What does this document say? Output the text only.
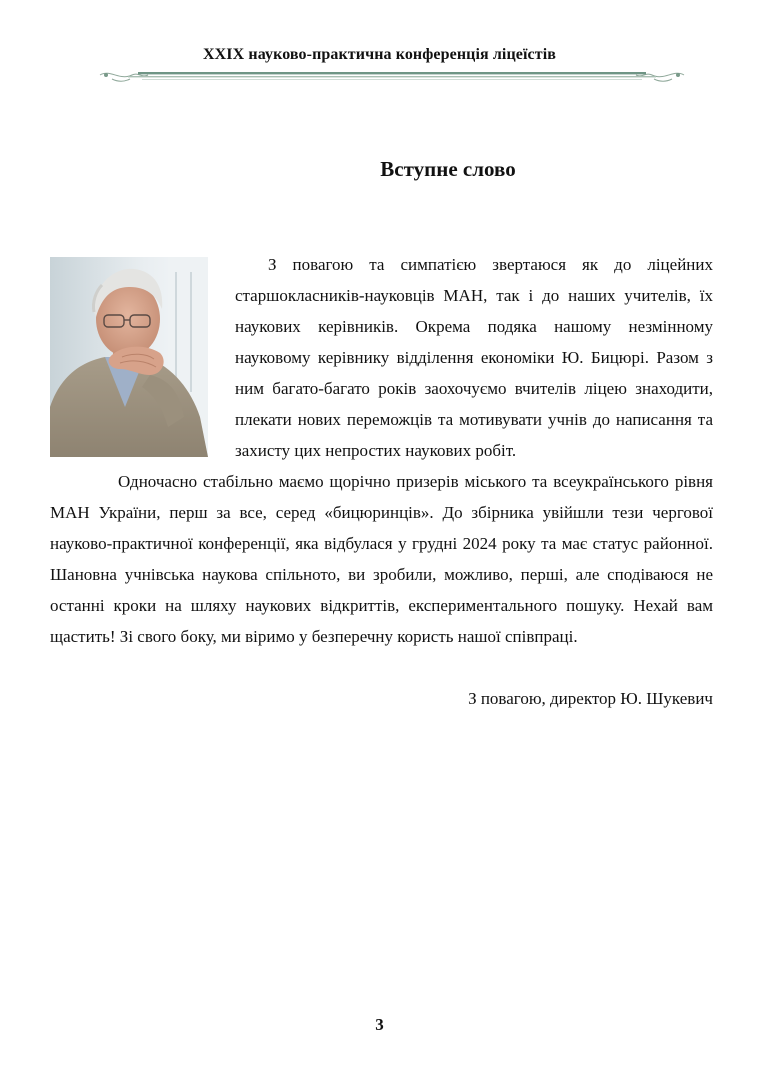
XXIX науково-практична конференція ліцеїстів
Вступне слово

З повагою та симпатією звертаюся як до ліцейних старшокласників-науковців МАН, так і до наших учителів, їх наукових керівників. Окрема подяка нашому незмінному науковому керівнику відділення економіки Ю. Бицюрі. Разом з ним багато-багато років заохочуємо вчителів ліцею знаходити, плекати нових переможців та мотивувати учнів до написання та захисту цих непростих наукових робіт.

Одночасно стабільно маємо щорічно призерів міського та всеукраїнського рівня МАН України, перш за все, серед «бицюринців». До збірника увійшли тези чергової науково-практичної конференції, яка відбулася у грудні 2024 року та має статус районної. Шановна учнівська наукова спільното, ви зробили, можливо, перші, але сподіваюся не останні кроки на шляху наукових відкриттів, експериментального пошуку. Нехай вам щастить! Зі свого боку, ми віримо у безперечну користь нашої співпраці.

З повагою, директор Ю. Шукевич
3
